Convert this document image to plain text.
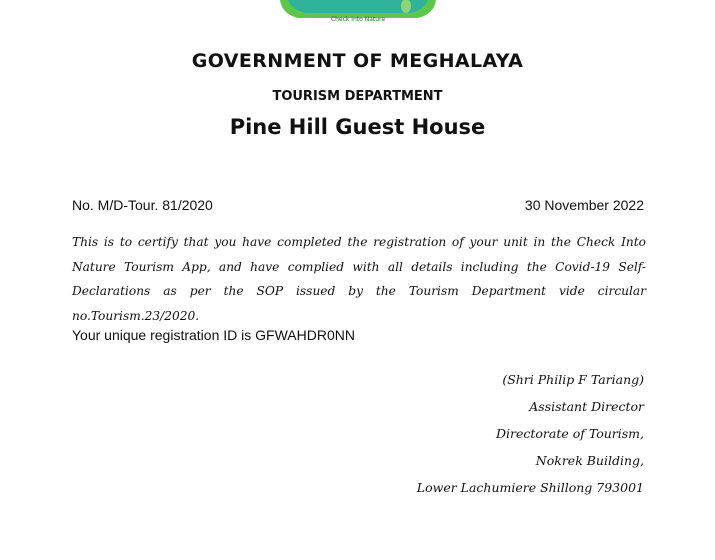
Check into Nature
GOVERNMENT OF MEGHALAYA
TOURISM DEPARTMENT
Pine Hill Guest House
No. M/D-Tour. 81/2020	30 November 2022
This is to certify that you have completed the registration of your unit in the Check Into Nature Tourism App, and have complied with all details including the Covid-19 Self-Declarations as per the SOP issued by the Tourism Department vide circular no.Tourism.23/2020.
Your unique registration ID is GFWAHDR0NN
(Shri Philip F Tariang)
Assistant Director
Directorate of Tourism,
Nokrek Building,
Lower Lachumiere Shillong 793001
